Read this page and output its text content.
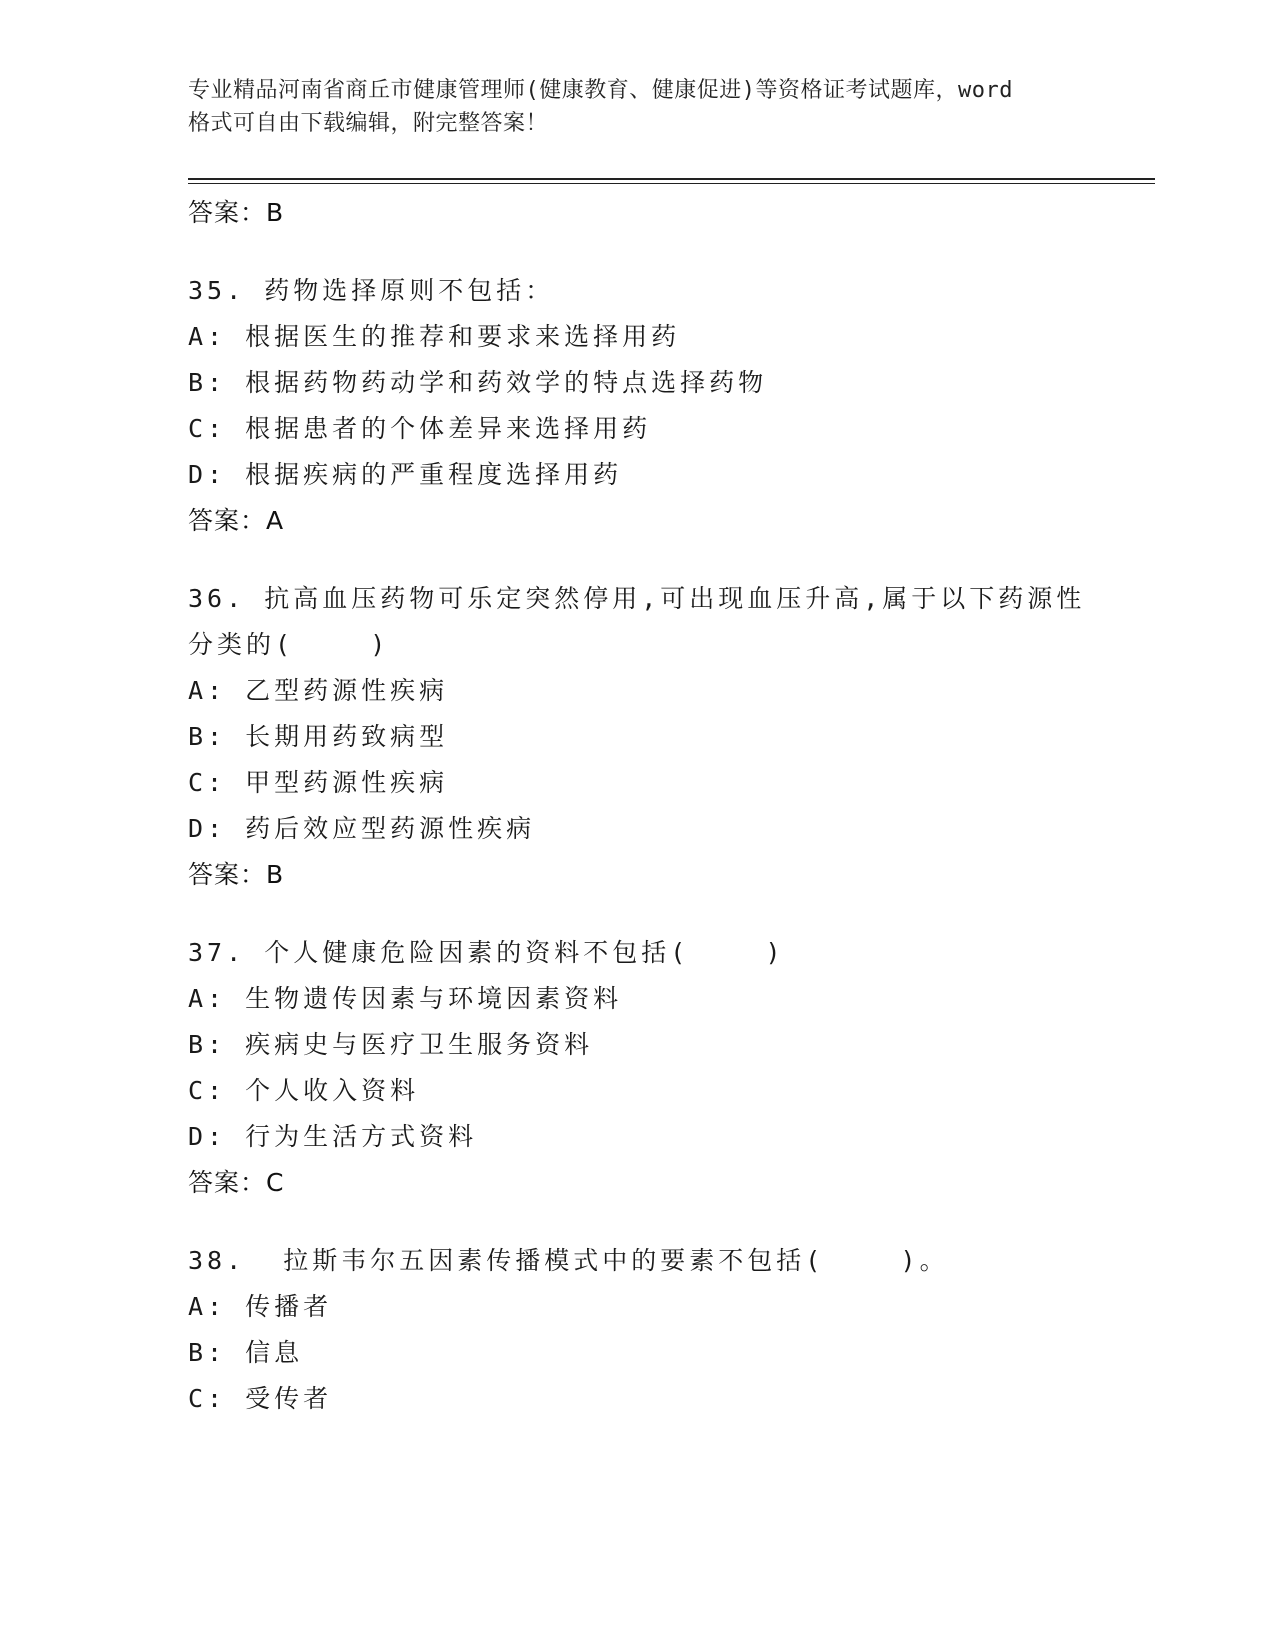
专业精品河南省商丘市健康管理师(健康教育、健康促进)等资格证考试题库，word
格式可自由下载编辑，附完整答案！
答案：B
35. 药物选择原则不包括：
A: 根据医生的推荐和要求来选择用药
B: 根据药物药动学和药效学的特点选择药物
C: 根据患者的个体差异来选择用药
D: 根据疾病的严重程度选择用药
答案：A
36. 抗高血压药物可乐定突然停用,可出现血压升高,属于以下药源性
分类的(    )
A: 乙型药源性疾病
B: 长期用药致病型
C: 甲型药源性疾病
D: 药后效应型药源性疾病
答案：B
37. 个人健康危险因素的资料不包括(    )
A: 生物遗传因素与环境因素资料
B: 疾病史与医疗卫生服务资料
C: 个人收入资料
D: 行为生活方式资料
答案：C
38.  拉斯韦尔五因素传播模式中的要素不包括(    )。
A: 传播者
B: 信息
C: 受传者
